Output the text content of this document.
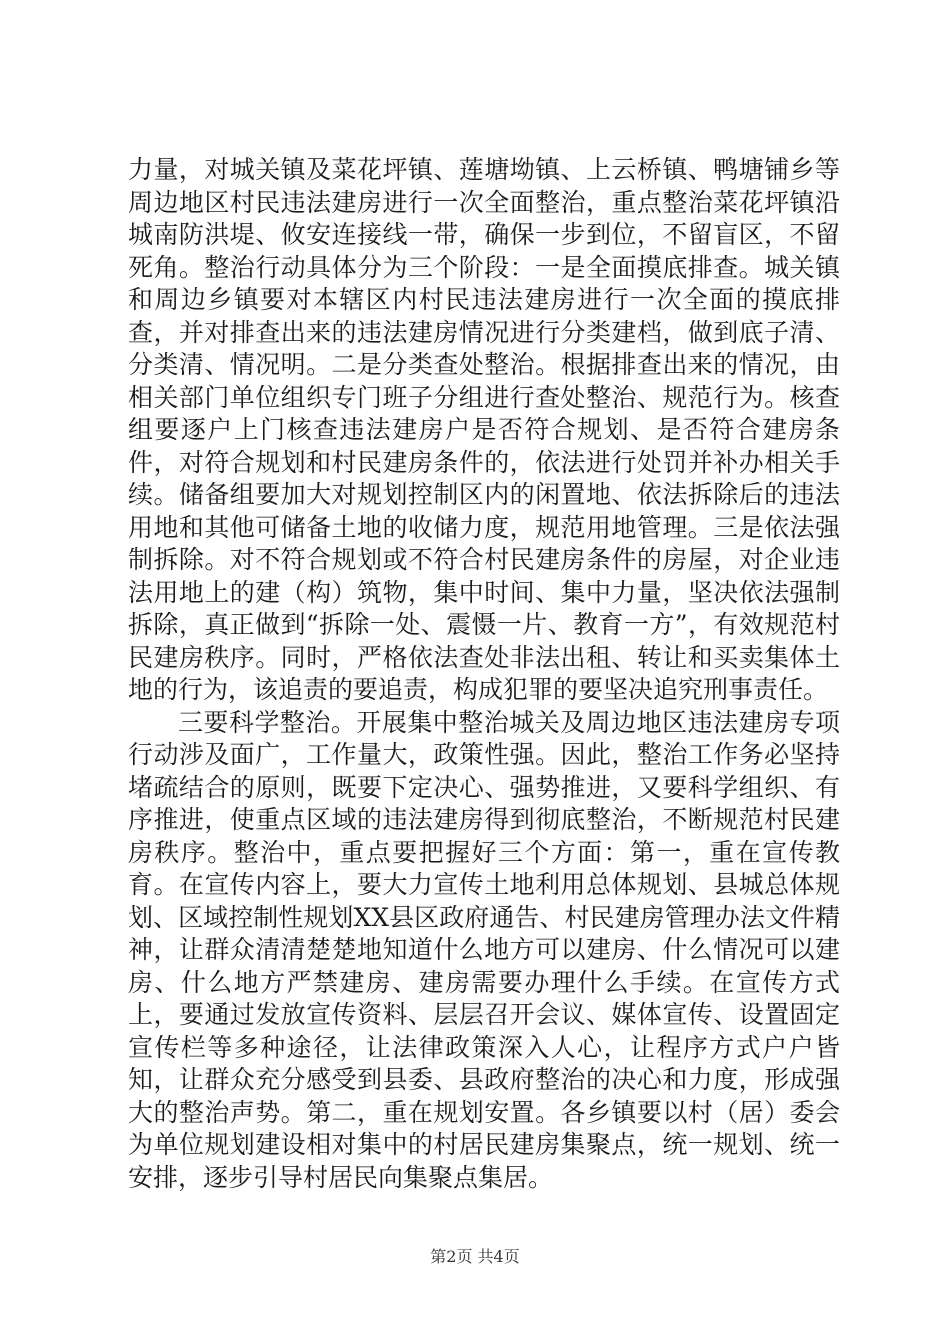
力量，对城关镇及菜花坪镇、莲塘坳镇、上云桥镇、鸭塘铺乡等周边地区村民违法建房进行一次全面整治，重点整治菜花坪镇沿城南防洪堤、攸安连接线一带，确保一步到位，不留盲区，不留死角。整治行动具体分为三个阶段：一是全面摸底排查。城关镇和周边乡镇要对本辖区内村民违法建房进行一次全面的摸底排查，并对排查出来的违法建房情况进行分类建档，做到底子清、分类清、情况明。二是分类查处整治。根据排查出来的情况，由相关部门单位组织专门班子分组进行查处整治、规范行为。核查组要逐户上门核查违法建房户是否符合规划、是否符合建房条件，对符合规划和村民建房条件的，依法进行处罚并补办相关手续。储备组要加大对规划控制区内的闲置地、依法拆除后的违法用地和其他可储备土地的收储力度，规范用地管理。三是依法强制拆除。对不符合规划或不符合村民建房条件的房屋，对企业违法用地上的建（构）筑物，集中时间、集中力量，坚决依法强制拆除，真正做到“拆除一处、震慑一片、教育一方”，有效规范村民建房秩序。同时，严格依法查处非法出租、转让和买卖集体土地的行为，该追责的要追责，构成犯罪的要坚决追究刑事责任。

三要科学整治。开展集中整治城关及周边地区违法建房专项行动涉及面广，工作量大，政策性强。因此，整治工作务必坚持堵疏结合的原则，既要下定决心、强势推进，又要科学组织、有序推进，使重点区域的违法建房得到彻底整治，不断规范村民建房秩序。整治中，重点要把握好三个方面：第一，重在宣传教育。在宣传内容上，要大力宣传土地利用总体规划、县城总体规划、区域控制性规划XX县区政府通告、村民建房管理办法文件精神，让群众清清楚楚地知道什么地方可以建房、什么情况可以建房、什么地方严禁建房、建房需要办理什么手续。在宣传方式上，要通过发放宣传资料、层层召开会议、媒体宣传、设置固定宣传栏等多种途径，让法律政策深入人心，让程序方式户户皆知，让群众充分感受到县委、县政府整治的决心和力度，形成强大的整治声势。第二，重在规划安置。各乡镇要以村（居）委会为单位规划建设相对集中的村居民建房集聚点，统一规划、统一安排，逐步引导村居民向集聚点集居。

第2页 共4页
